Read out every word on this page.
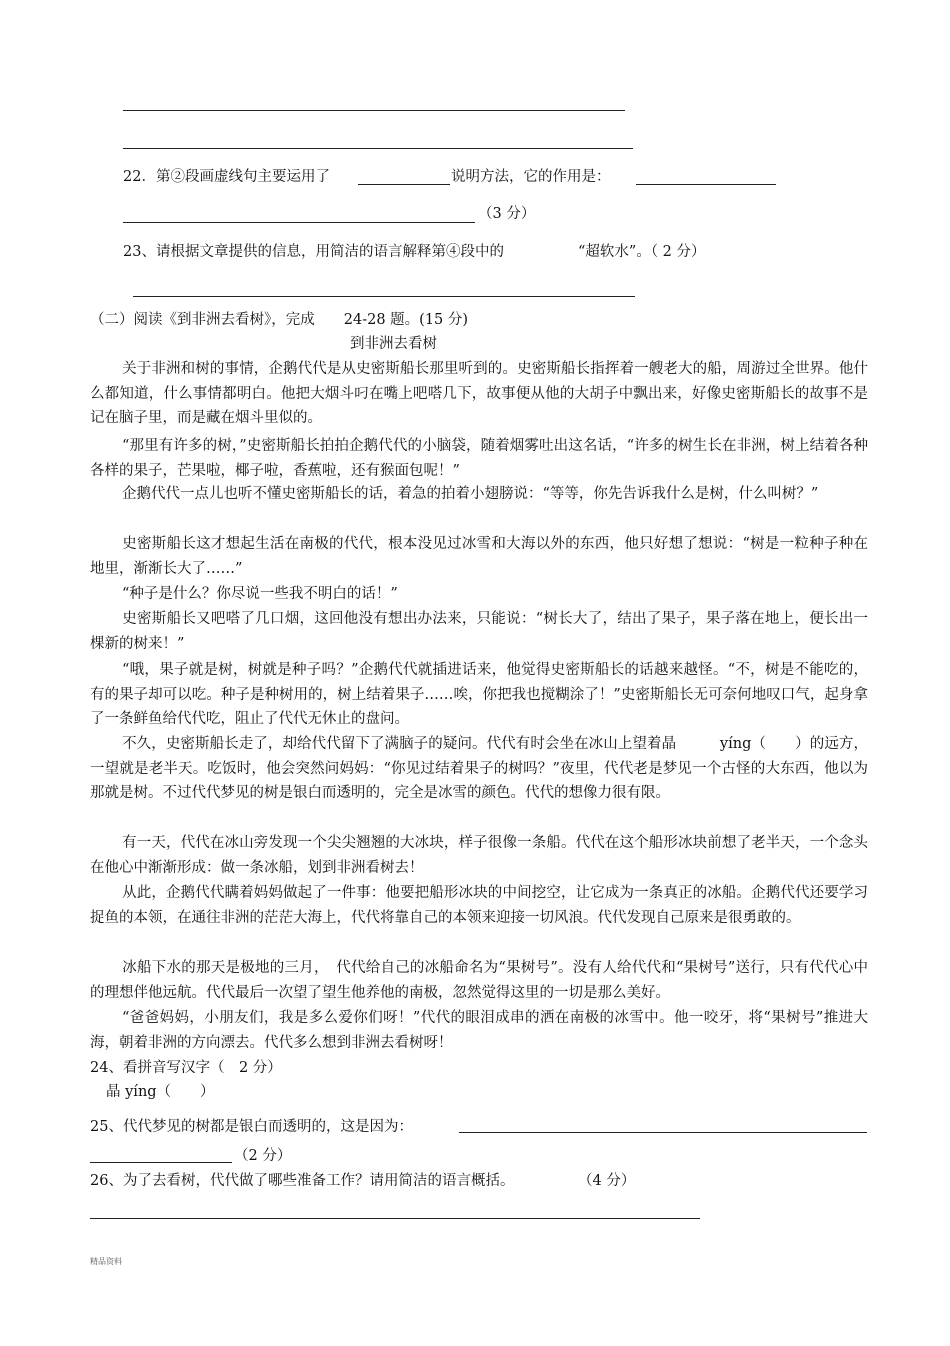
22．第②段画虚线句主要运用了	说明方法，它的作用是：
（3 分）
23、请根据文章提供的信息，用简洁的语言解释第④段中的	“超软水”。（ 2 分）
（二）阅读《到非洲去看树》，完成　　24-28 题。(15 分)
到非洲去看树
关于非洲和树的事情，企鹅代代是从史密斯船长那里听到的。史密斯船长指挥着一艘老大的船，周游过全世界。他什么都知道，什么事情都明白。他把大烟斗叼在嘴上吧嗒几下，故事便从他的大胡子中飘出来，好像史密斯船长的故事不是记在脑子里，而是藏在烟斗里似的。
“那里有许多的树，”史密斯船长拍拍企鹅代代的小脑袋，随着烟雾吐出这名话，“许多的树生长在非洲，树上结着各种各样的果子，芒果啦，椰子啦，香蕉啦，还有猴面包呢！”
企鹅代代一点儿也听不懂史密斯船长的话，着急的拍着小翅膀说：“等等，你先告诉我什么是树，什么叫树？”
史密斯船长这才想起生活在南极的代代，根本没见过冰雪和大海以外的东西，他只好想了想说：“树是一粒种子种在地里，渐渐长大了……”
“种子是什么？你尽说一些我不明白的话！”
史密斯船长又吧嗒了几口烟，这回他没有想出办法来，只能说：“树长大了，结出了果子，果子落在地上，便长出一棵新的树来！”
“哦，果子就是树，树就是种子吗？”企鹅代代就插进话来，他觉得史密斯船长的话越来越怪。“不，树是不能吃的，有的果子却可以吃。种子是种树用的，树上结着果子……唉，你把我也搅糊涂了！”史密斯船长无可奈何地叹口气，起身拿了一条鲜鱼给代代吃，阻止了代代无休止的盘问。
不久，史密斯船长走了，却给代代留下了满脑子的疑问。代代有时会坐在冰山上望着晶　　　yíng（　　）的远方，一望就是老半天。吃饭时，他会突然问妈妈：“你见过结着果子的树吗？”夜里，代代老是梦见一个古怪的大东西，他以为那就是树。不过代代梦见的树是银白而透明的，完全是冰雪的颜色。代代的想像力很有限。
有一天，代代在冰山旁发现一个尖尖翘翘的大冰块，样子很像一条船。代代在这个船形冰块前想了老半天，一个念头在他心中渐渐形成：做一条冰船，划到非洲看树去！
从此，企鹅代代瞒着妈妈做起了一件事：他要把船形冰块的中间挖空，让它成为一条真正的冰船。企鹅代代还要学习捉鱼的本领，在通往非洲的茫茫大海上，代代将靠自己的本领来迎接一切风浪。代代发现自己原来是很勇敢的。
冰船下水的那天是极地的三月，　代代给自己的冰船命名为“果树号”。没有人给代代和“果树号”送行，只有代代心中的理想伴他远航。代代最后一次望了望生他养他的南极，忽然觉得这里的一切是那么美好。
“爸爸妈妈，小朋友们，我是多么爱你们呀！”代代的眼泪成串的洒在南极的冰雪中。他一咬牙，将“果树号”推进大海，朝着非洲的方向漂去。代代多么想到非洲去看树呀！
24、看拼音写汉字（　2 分）
晶 yíng（　　）
25、代代梦见的树都是银白而透明的，这是因为：
（2 分）
26、为了去看树，代代做了哪些准备工作？请用简洁的语言概括。	（4 分）
精品资料
